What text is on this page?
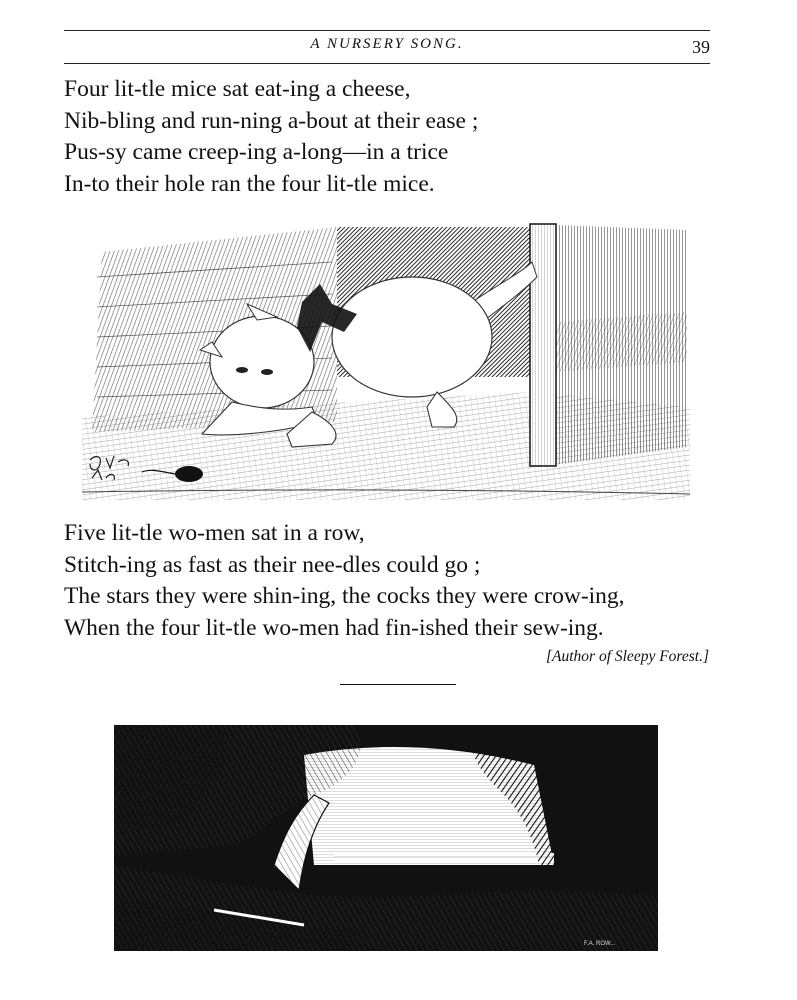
A NURSERY SONG.	39
Four lit-tle mice sat eat-ing a cheese,
Nib-bling and run-ning a-bout at their ease ;
Pus-sy came creep-ing a-long—in a trice
In-to their hole ran the four lit-tle mice.
Five lit-tle wo-men sat in a row,
Stitch-ing as fast as their nee-dles could go ;
The stars they were shin-ing, the cocks they were crow-ing,
When the four lit-tle wo-men had fin-ished their sew-ing.
[Author of Sleepy Forest.]
F.A. ROW...
